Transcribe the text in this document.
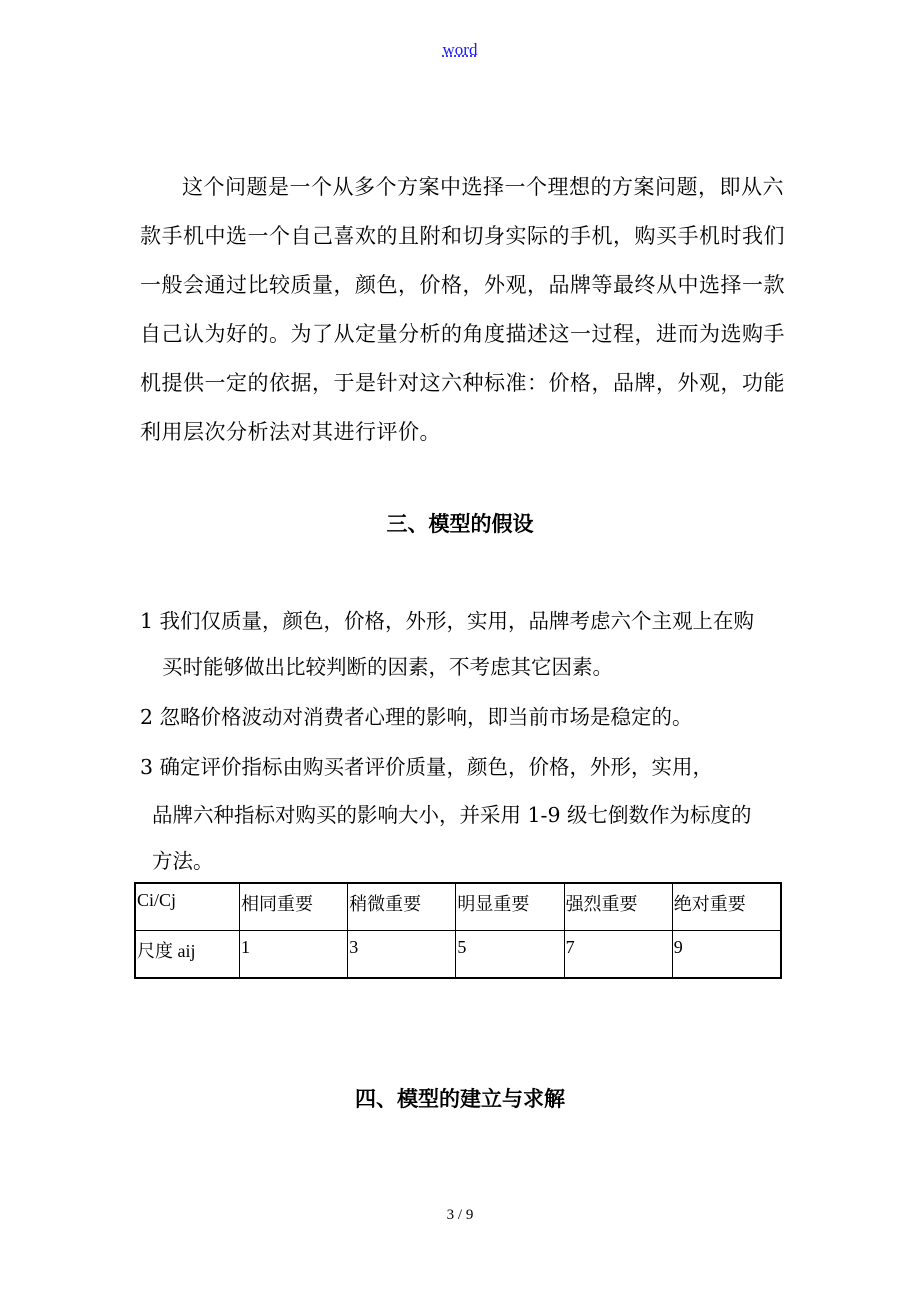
word
这个问题是一个从多个方案中选择一个理想的方案问题，即从六
款手机中选一个自己喜欢的且附和切身实际的手机，购买手机时我们
一般会通过比较质量，颜色，价格，外观，品牌等最终从中选择一款
自己认为好的。为了从定量分析的角度描述这一过程，进而为选购手
机提供一定的依据，于是针对这六种标准：价格，品牌，外观，功能
利用层次分析法对其进行评价。
三、模型的假设
1 我们仅质量，颜色，价格，外形，实用，品牌考虑六个主观上在购
买时能够做出比较判断的因素，不考虑其它因素。
2 忽略价格波动对消费者心理的影响，即当前市场是稳定的。
3 确定评价指标由购买者评价质量，颜色，价格，外形，实用，
品牌六种指标对购买的影响大小，并采用 1-9 级七倒数作为标度的
方法。
Ci/Cj	相同重要	稍微重要	明显重要	强烈重要	绝对重要
尺度 aij	1	3	5	7	9
四、模型的建立与求解
3 / 9
